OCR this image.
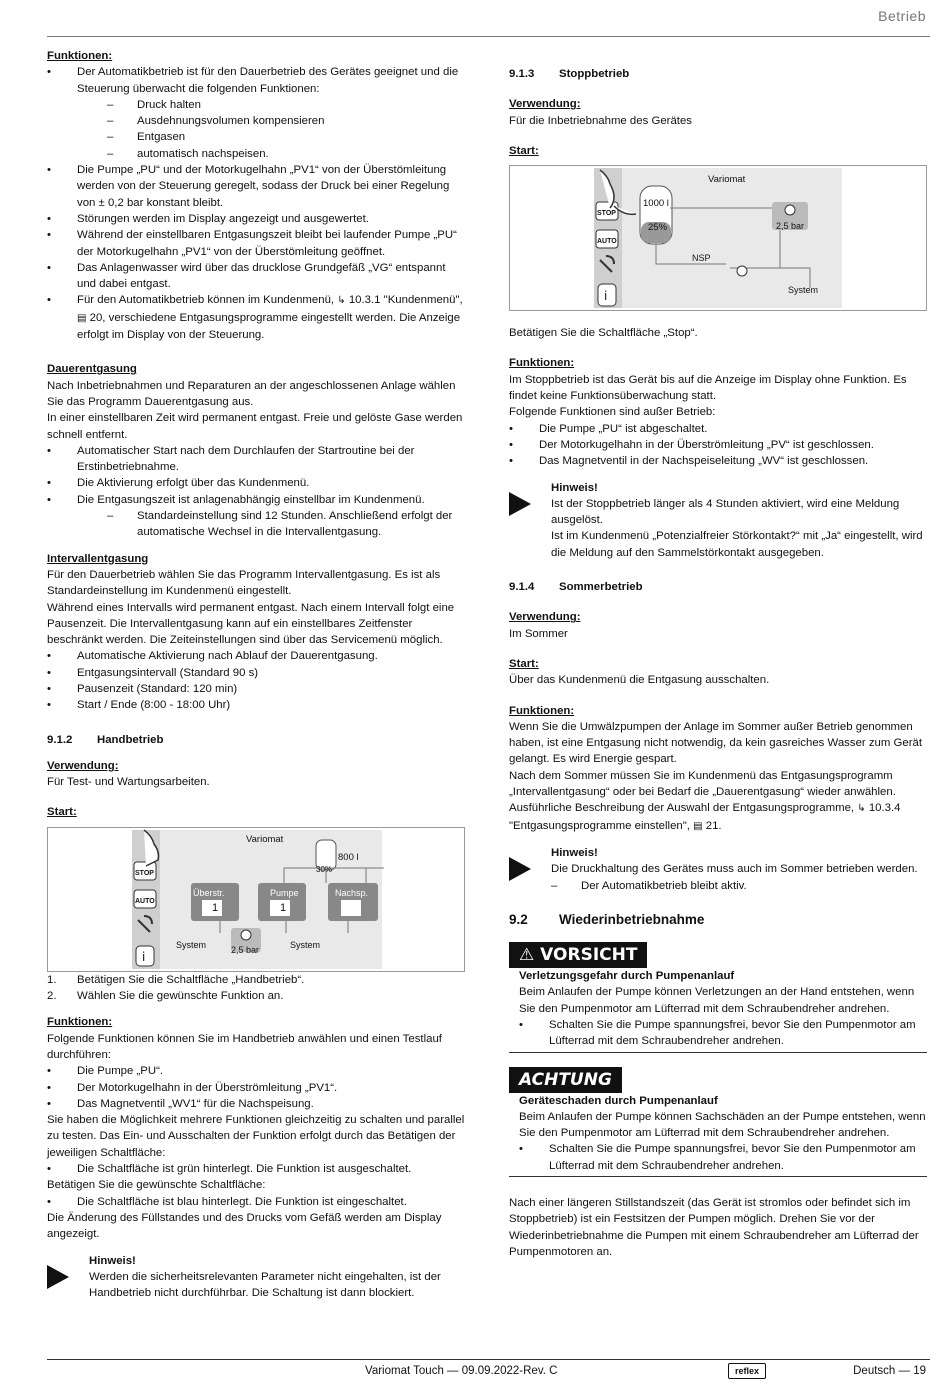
Betrieb

Funktionen:

• Der Automatikbetrieb ist für den Dauerbetrieb des Gerätes geeignet und die Steuerung überwacht die folgenden Funktionen:
– Druck halten
– Ausdehnungsvolumen kompensieren
– Entgasen
– automatisch nachspeisen.
• Die Pumpe „PU“ und der Motorkugelhahn „PV1“ von der Überstömleitung werden von der Steuerung geregelt, sodass der Druck bei einer Regelung von ± 0,2 bar konstant bleibt.
• Störungen werden im Display angezeigt und ausgewertet.
• Während der einstellbaren Entgasungszeit bleibt bei laufender Pumpe „PU“ der Motorkugelhahn „PV1“ von der Überstömleitung geöffnet.
• Das Anlagenwasser wird über das drucklose Grundgefäß „VG“ entspannt und dabei entgast.
• Für den Automatikbetrieb können im Kundenmenü, ↳ 10.3.1 "Kundenmenü", ▤ 20, verschiedene Entgasungsprogramme eingestellt werden. Die Anzeige erfolgt im Display von der Steuerung.

Dauerentgasung

Nach Inbetriebnahmen und Reparaturen an der angeschlossenen Anlage wählen Sie das Programm Dauerentgasung aus.

In einer einstellbaren Zeit wird permanent entgast. Freie und gelöste Gase werden schnell entfernt.

• Automatischer Start nach dem Durchlaufen der Startroutine bei der Erstinbetriebnahme.
• Die Aktivierung erfolgt über das Kundenmenü.
• Die Entgasungszeit ist anlagenabhängig einstellbar im Kundenmenü.
– Standardeinstellung sind 12 Stunden. Anschließend erfolgt der automatische Wechsel in die Intervallentgasung.

Intervallentgasung

Für den Dauerbetrieb wählen Sie das Programm Intervallentgasung. Es ist als Standardeinstellung im Kundenmenü eingestellt.

Während eines Intervalls wird permanent entgast. Nach einem Intervall folgt eine Pausenzeit. Die Intervallentgasung kann auf ein einstellbares Zeitfenster beschränkt werden. Die Zeiteinstellungen sind über das Servicemenü möglich.

• Automatische Aktivierung nach Ablauf der Dauerentgasung.
• Entgasungsintervall (Standard 90 s)
• Pausenzeit (Standard: 120 min)
• Start / Ende (8:00 - 18:00 Uhr)
9.1.2	Handbetrieb

Verwendung:

Für Test- und Wartungsarbeiten.

Start:

Variomat
800 l
30%
STOP
AUTO
i
Überstr.	Pumpe	Nachsp.
1	1
System	System
2,5 bar
1. Betätigen Sie die Schaltfläche „Handbetrieb“.
2. Wählen Sie die gewünschte Funktion an.

Funktionen:

Folgende Funktionen können Sie im Handbetrieb anwählen und einen Testlauf durchführen:

• Die Pumpe „PU“.
• Der Motorkugelhahn in der Überströmleitung „PV1“.
• Das Magnetventil „WV1“ für die Nachspeisung.

Sie haben die Möglichkeit mehrere Funktionen gleichzeitig zu schalten und parallel zu testen. Das Ein- und Ausschalten der Funktion erfolgt durch das Betätigen der jeweiligen Schaltfläche:

• Die Schaltfläche ist grün hinterlegt. Die Funktion ist ausgeschaltet.

Betätigen Sie die gewünschte Schaltfläche:

• Die Schaltfläche ist blau hinterlegt. Die Funktion ist eingeschaltet.

Die Änderung des Füllstandes und des Drucks vom Gefäß werden am Display angezeigt.

Hinweis!

Werden die sicherheitsrelevanten Parameter nicht eingehalten, ist der Handbetrieb nicht durchführbar. Die Schaltung ist dann blockiert.

9.1.3	Stoppbetrieb

Verwendung:

Für die Inbetriebnahme des Gerätes

Start:

Variomat
1000 l
25%	2,5 bar
NSP
System
STOP
AUTO
i

Betätigen Sie die Schaltfläche „Stop“.

Funktionen:

Im Stoppbetrieb ist das Gerät bis auf die Anzeige im Display ohne Funktion. Es findet keine Funktionsüberwachung statt.

Folgende Funktionen sind außer Betrieb:

• Die Pumpe „PU“ ist abgeschaltet.
• Der Motorkugelhahn in der Überströmleitung „PV“ ist geschlossen.
• Das Magnetventil in der Nachspeiseleitung „WV“ ist geschlossen.

Hinweis!

Ist der Stoppbetrieb länger als 4 Stunden aktiviert, wird eine Meldung ausgelöst.

Ist im Kundenmenü „Potenzialfreier Störkontakt?“ mit „Ja“ eingestellt, wird die Meldung auf den Sammelstörkontakt ausgegeben.

9.1.4	Sommerbetrieb

Verwendung:

Im Sommer

Start:

Über das Kundenmenü die Entgasung ausschalten.

Funktionen:

Wenn Sie die Umwälzpumpen der Anlage im Sommer außer Betrieb genommen haben, ist eine Entgasung nicht notwendig, da kein gasreiches Wasser zum Gerät gelangt. Es wird Energie gespart.

Nach dem Sommer müssen Sie im Kundenmenü das Entgasungsprogramm „Intervallentgasung“ oder bei Bedarf die „Dauerentgasung“ wieder anwählen.

Ausführliche Beschreibung der Auswahl der Entgasungsprogramme, ↳ 10.3.4 "Entgasungsprogramme einstellen", ▤ 21.

Hinweis!

Die Druckhaltung des Gerätes muss auch im Sommer betrieben werden.

– Der Automatikbetrieb bleibt aktiv.
9.2	Wiederinbetriebnahme
⚠ VORSICHT

Verletzungsgefahr durch Pumpenanlauf

Beim Anlaufen der Pumpe können Verletzungen an der Hand entstehen, wenn Sie den Pumpenmotor am Lüfterrad mit dem Schraubendreher andrehen.

• Schalten Sie die Pumpe spannungsfrei, bevor Sie den Pumpenmotor am Lüfterrad mit dem Schraubendreher andrehen.
ACHTUNG

Geräteschaden durch Pumpenanlauf

Beim Anlaufen der Pumpe können Sachschäden an der Pumpe entstehen, wenn Sie den Pumpenmotor am Lüfterrad mit dem Schraubendreher andrehen.

• Schalten Sie die Pumpe spannungsfrei, bevor Sie den Pumpenmotor am Lüfterrad mit dem Schraubendreher andrehen.

Nach einer längeren Stillstandszeit (das Gerät ist stromlos oder befindet sich im Stoppbetrieb) ist ein Festsitzen der Pumpen möglich. Drehen Sie vor der Wiederinbetriebnahme die Pumpen mit einem Schraubendreher am Lüfterrad der Pumpenmotoren an.

Variomat Touch — 09.09.2022-Rev. C	reflex	Deutsch — 19
